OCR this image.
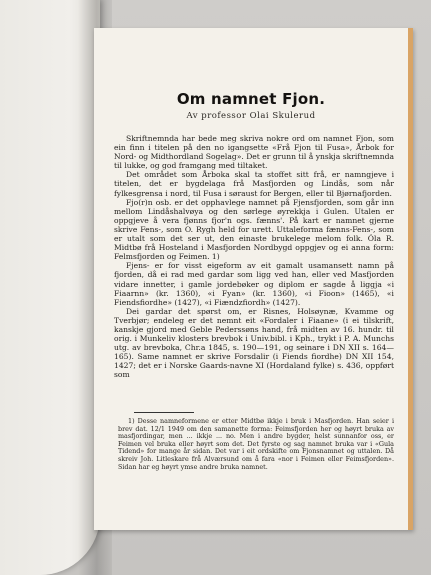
Om namnet Fjon.
Av professor Olai Skulerud

Skriftnemnda har bede meg skriva nokre ord om namnet Fjon, som ein finn i titelen på den no igangsette «Frå Fjon til Fusa», Årbok for Nord- og Midthordland Sogelag». Det er grunn til å ynskja skriftnemnda til lukke, og god framgang med tiltaket.

Det området som Årboka skal ta stoffet sitt frå, er namngjeve i titelen, det er bygdelaga frå Masfjorden og Lindås, som når fylkesgrensa i nord, til Fusa i søraust for Bergen, eller til Bjørnafjorden.

Fjo(r)n osb. er det opphavlege namnet på Fjensfjorden, som går inn mellom Lindåshalvøya og den sørlege øyrekkja i Gulen. Utalen er oppgjeve å vera fjønns fjor'n ogs. fænns'. På kart er namnet gjerne skrive Fens-, som O. Rygh held for urett. Uttaleforma fænns-Fens-, som er utalt som det ser ut, den einaste brukelege melom folk. Óla R. Midtbø frå Hosteland i Masfjorden Nordbygd oppgjev og ei anna form: Felmsfjorden og Feimen. 1)

Fjens- er for visst eigeform av eit gamalt usamansett namn på fjorden, då ei rad med gardar som ligg ved han, eller ved Masfjorden vidare innetter, i gamle jordebøker og diplom er sagde å liggja «i Fiaarnn» (kr. 1360), «i Fyan» (kr. 1360), «i Fioon» (1465), «i Fiendsfiordhe» (1427), «i Fiændzfiordh» (1427).

Dei gardar det spørst om, er Risnes, Holsøynæ, Kvamme og Tverbjør; endeleg er det nemnt eit «Fordaler i Fiaane» (i ei tilskrift, kanskje gjord med Geble Pederssøns hand, frå midten av 16. hundr. til orig. i Munkeliv klosters brevbok i Univ.bibl. i Kph., trykt i P. A. Munchs utg. av brevboka, Chr.a 1845, s. 190—191, og seinare i DN XII s. 164—165). Same namnet er skrive Forsdalir (i Fiends fiordhe) DN XII 154, 1427; det er i Norske Gaards-navne XI (Hordaland fylke) s. 436, oppført som

1) Desse namneformene er etter Midtbø ikkje i bruk i Masfjorden. Han seier i brev dat. 12/1 1949 om den samanette forma: Feimsfjorden her og høyrt bruka av masfjordingar, men ... ikkje ... no. Men i andre bygder, helst sunnanfor oss, er Feimen vel bruka eller høyrt som det. Det fyrste og sag namnet bruka var i «Gula Tidend» for mange år sidan. Det var i eit ordskifte om Fjonsnamnet og uttalen. Då skreiv Joh. Litleskare frå Alværsund om å fara «nor i Feimen eller Feimsfjorden». Sidan har eg høyrt ymse andre bruka namnet.
